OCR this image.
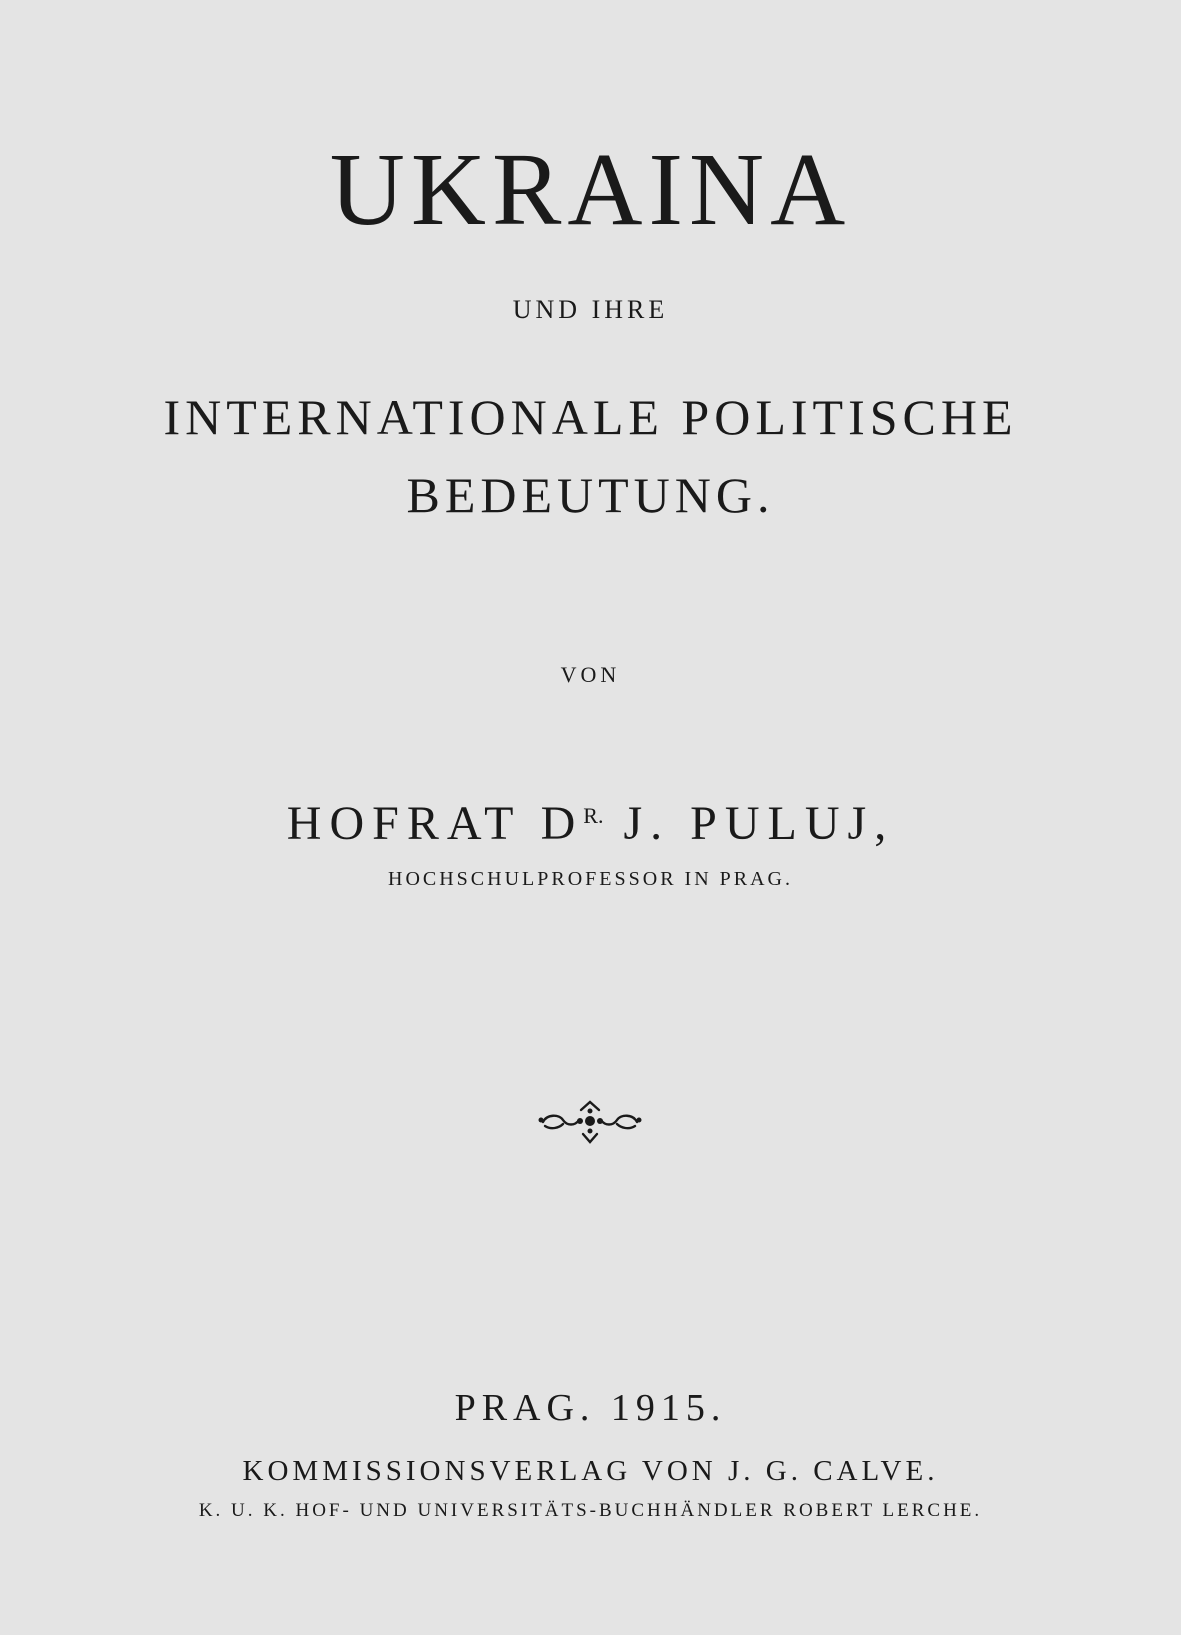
UKRAINA
UND IHRE
INTERNATIONALE POLITISCHE
BEDEUTUNG.
VON
HOFRAT $D^{R.}$ J. PULUJ,
HOCHSCHULPROFESSOR IN PRAG.
PRAG. 1915.
KOMMISSIONSVERLAG VON J. G. CALVE.
K. U. K. HOF- UND UNIVERSITÄTS-BUCHHÄNDLER ROBERT LERCHE.
